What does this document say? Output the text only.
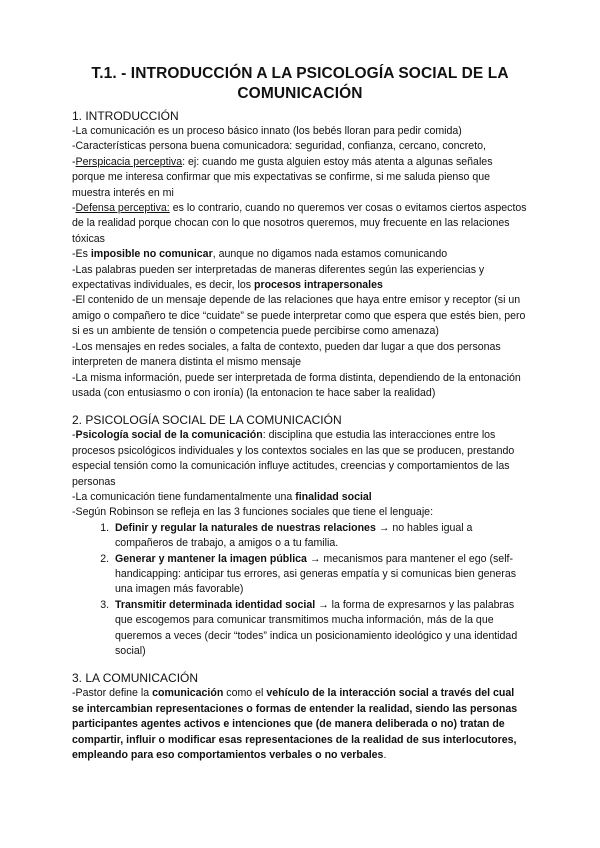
T.1. - INTRODUCCIÓN A LA PSICOLOGÍA SOCIAL DE LA COMUNICACIÓN
1. INTRODUCCIÓN

-La comunicación es un proceso básico innato (los bebés lloran para pedir comida)

-Características persona buena comunicadora: seguridad, confianza, cercano, concreto,

-Perspicacia perceptiva: ej: cuando me gusta alguien estoy más atenta a algunas señales porque me interesa confirmar que mis expectativas se confirme, si me saluda pienso que muestra interés en mi

-Defensa perceptiva: es lo contrario, cuando no queremos ver cosas o evitamos ciertos aspectos de la realidad porque chocan con lo que nosotros queremos, muy frecuente en las relaciones tóxicas

-Es imposible no comunicar, aunque no digamos nada estamos comunicando

-Las palabras pueden ser interpretadas de maneras diferentes según las experiencias y expectativas individuales, es decir, los procesos intrapersonales

-El contenido de un mensaje depende de las relaciones que haya entre emisor y receptor (si un amigo o compañero te dice “cuidate” se puede interpretar como que espera que estés bien, pero si es un ambiente de tensión o competencia puede percibirse como amenaza)

-Los mensajes en redes sociales, a falta de contexto, pueden dar lugar a que dos personas interpreten de manera distinta el mismo mensaje

-La misma información, puede ser interpretada de forma distinta, dependiendo de la entonación usada (con entusiasmo o con ironía) (la entonacion te hace saber la realidad)

2. PSICOLOGÍA SOCIAL DE LA COMUNICACIÓN

-Psicología social de la comunicación: disciplina que estudia las interacciones entre los procesos psicológicos individuales y los contextos sociales en las que se producen, prestando especial tensión como la comunicación influye actitudes, creencias y comportamientos de las personas

-La comunicación tiene fundamentalmente una finalidad social

-Según Robinson se refleja en las 3 funciones sociales que tiene el lenguaje:

1. Definir y regular la naturales de nuestras relaciones → no hables igual a compañeros de trabajo, a amigos o a tu familia.
2. Generar y mantener la imagen pública → mecanismos para mantener el ego (self-handicapping: anticipar tus errores, asi generas empatía y si comunicas bien generas una imagen más favorable)
3. Transmitir determinada identidad social → la forma de expresarnos y las palabras que escogemos para comunicar transmitimos mucha información, más de la que queremos a veces (decir “todes” indica un posicionamiento ideológico y una identidad social)
3. LA COMUNICACIÓN

-Pastor define la comunicación como el vehículo de la interacción social a través del cual se intercambian representaciones o formas de entender la realidad, siendo las personas participantes agentes activos e intenciones que (de manera deliberada o no) tratan de compartir, influir o modificar esas representaciones de la realidad de sus interlocutores, empleando para eso comportamientos verbales o no verbales.
